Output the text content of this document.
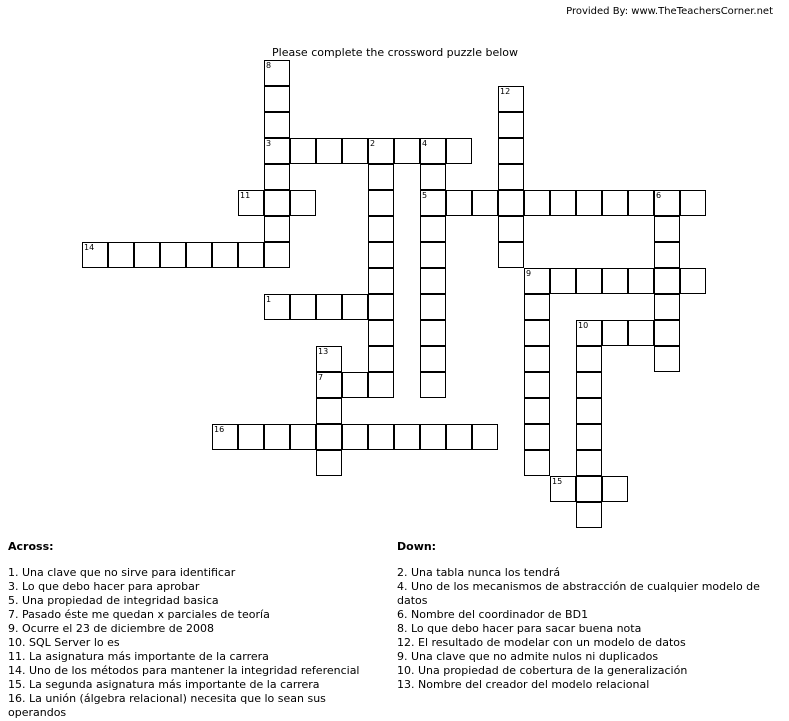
Provided By: www.TheTeachersCorner.net
Please complete the crossword puzzle below
8
3	2	4
11	5	6
14
9
1
10
13
7
16
15
12
Across:
1. Una clave que no sirve para identificar
3. Lo que debo hacer para aprobar
5. Una propiedad de integridad basica
7. Pasado éste me quedan x parciales de teoría
9. Ocurre el 23 de diciembre de 2008
10. SQL Server lo es
11. La asignatura más importante de la carrera
14. Uno de los métodos para mantener la integridad referencial
15. La segunda asignatura más importante de la carrera
16. La unión (álgebra relacional) necesita que lo sean sus operandos
Down:
2. Una tabla nunca los tendrá
4. Uno de los mecanismos de abstracción de cualquier modelo de datos
6. Nombre del coordinador de BD1
8. Lo que debo hacer para sacar buena nota
12. El resultado de modelar con un modelo de datos
9. Una clave que no admite nulos ni duplicados
10. Una propiedad de cobertura de la generalización
13. Nombre del creador del modelo relacional
